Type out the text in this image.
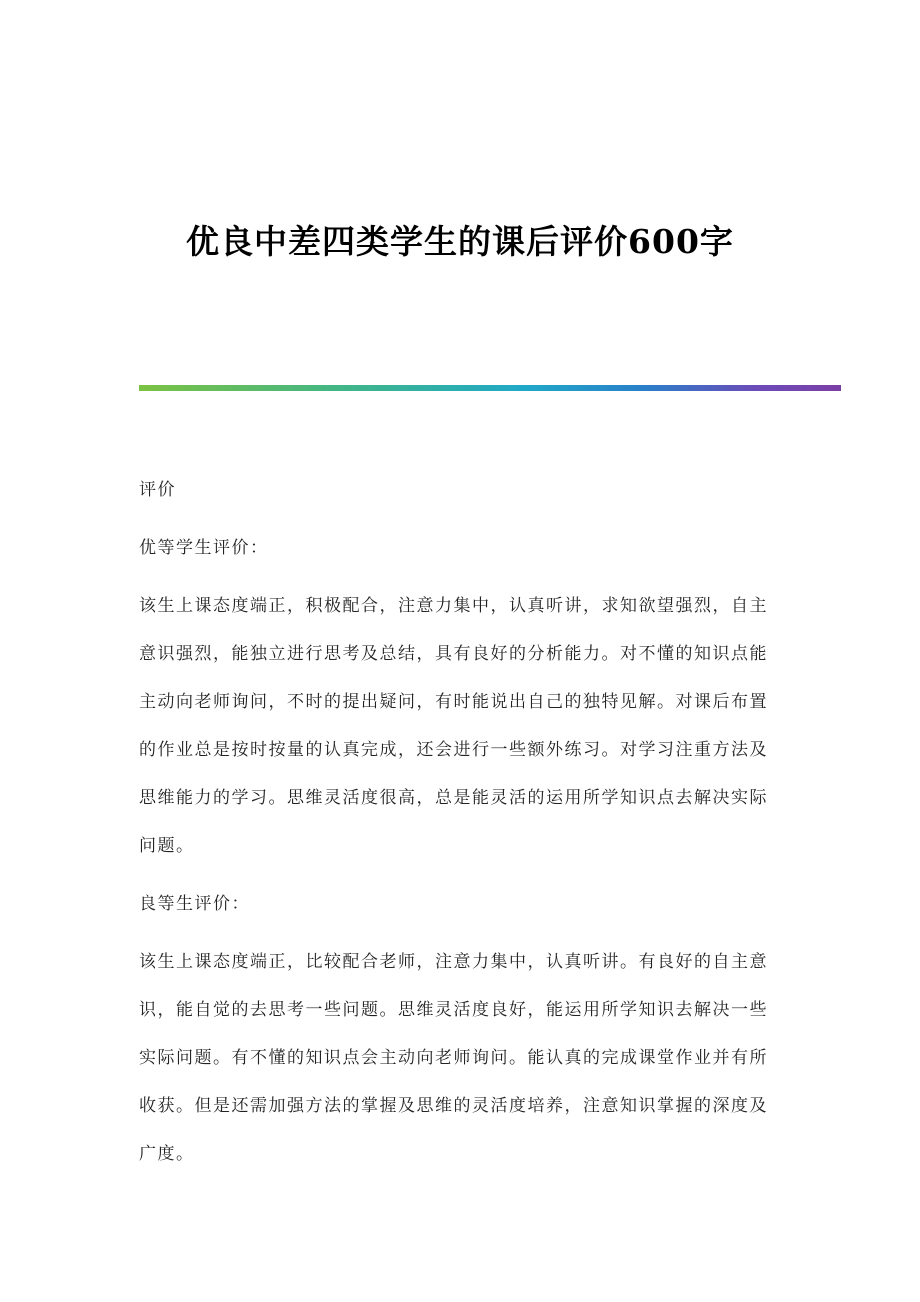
优良中差四类学生的课后评价600字

评价

优等学生评价：

该生上课态度端正，积极配合，注意力集中，认真听讲，求知欲望强烈，自主意识强烈，能独立进行思考及总结，具有良好的分析能力。对不懂的知识点能主动向老师询问，不时的提出疑问，有时能说出自己的独特见解。对课后布置的作业总是按时按量的认真完成，还会进行一些额外练习。对学习注重方法及思维能力的学习。思维灵活度很高，总是能灵活的运用所学知识点去解决实际问题。

良等生评价：

该生上课态度端正，比较配合老师，注意力集中，认真听讲。有良好的自主意识，能自觉的去思考一些问题。思维灵活度良好，能运用所学知识去解决一些实际问题。有不懂的知识点会主动向老师询问。能认真的完成课堂作业并有所收获。但是还需加强方法的掌握及思维的灵活度培养，注意知识掌握的深度及广度。
